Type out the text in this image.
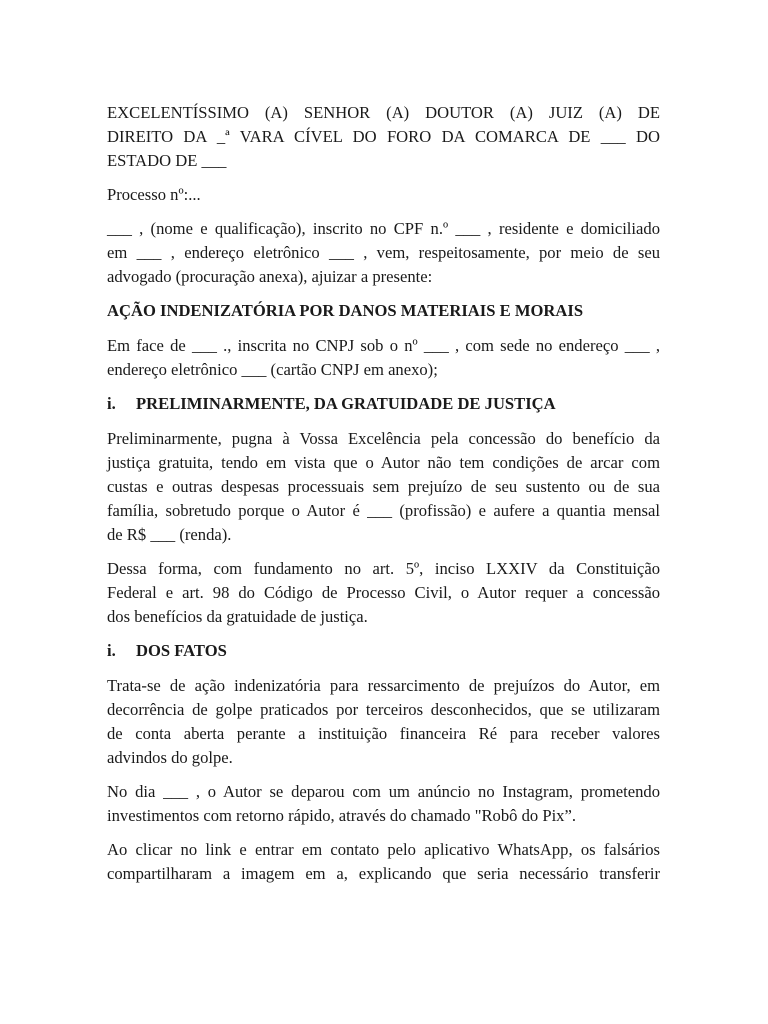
EXCELENTÍSSIMO (A) SENHOR (A) DOUTOR (A) JUIZ (A) DE
DIREITO DA _ª VARA CÍVEL DO FORO DA COMARCA DE ___ DO
ESTADO DE ___

Processo nº:...

___ , (nome e qualificação), inscrito no CPF n.º ___ , residente e domiciliado
em ___ , endereço eletrônico ___ , vem, respeitosamente, por meio de seu
advogado (procuração anexa), ajuizar a presente:

AÇÃO INDENIZATÓRIA POR DANOS MATERIAIS E MORAIS

Em face de ___ ., inscrita no CNPJ sob o nº ___ , com sede no endereço ___ ,
endereço eletrônico ___ (cartão CNPJ em anexo);

i.	PRELIMINARMENTE, DA GRATUIDADE DE JUSTIÇA

Preliminarmente, pugna à Vossa Excelência pela concessão do benefício da
justiça gratuita, tendo em vista que o Autor não tem condições de arcar com
custas e outras despesas processuais sem prejuízo de seu sustento ou de sua
família, sobretudo porque o Autor é ___ (profissão) e aufere a quantia mensal
de R$ ___ (renda).

Dessa forma, com fundamento no art. 5º, inciso LXXIV da Constituição
Federal e art. 98 do Código de Processo Civil, o Autor requer a concessão
dos benefícios da gratuidade de justiça.

i.	DOS FATOS

Trata-se de ação indenizatória para ressarcimento de prejuízos do Autor, em
decorrência de golpe praticados por terceiros desconhecidos, que se utilizaram
de conta aberta perante a instituição financeira Ré para receber valores
advindos do golpe.

No dia ___ , o Autor se deparou com um anúncio no Instagram, prometendo
investimentos com retorno rápido, através do chamado "Robô do Pix”.

Ao clicar no link e entrar em contato pelo aplicativo WhatsApp, os falsários
compartilharam a imagem em a, explicando que seria necessário transferir
